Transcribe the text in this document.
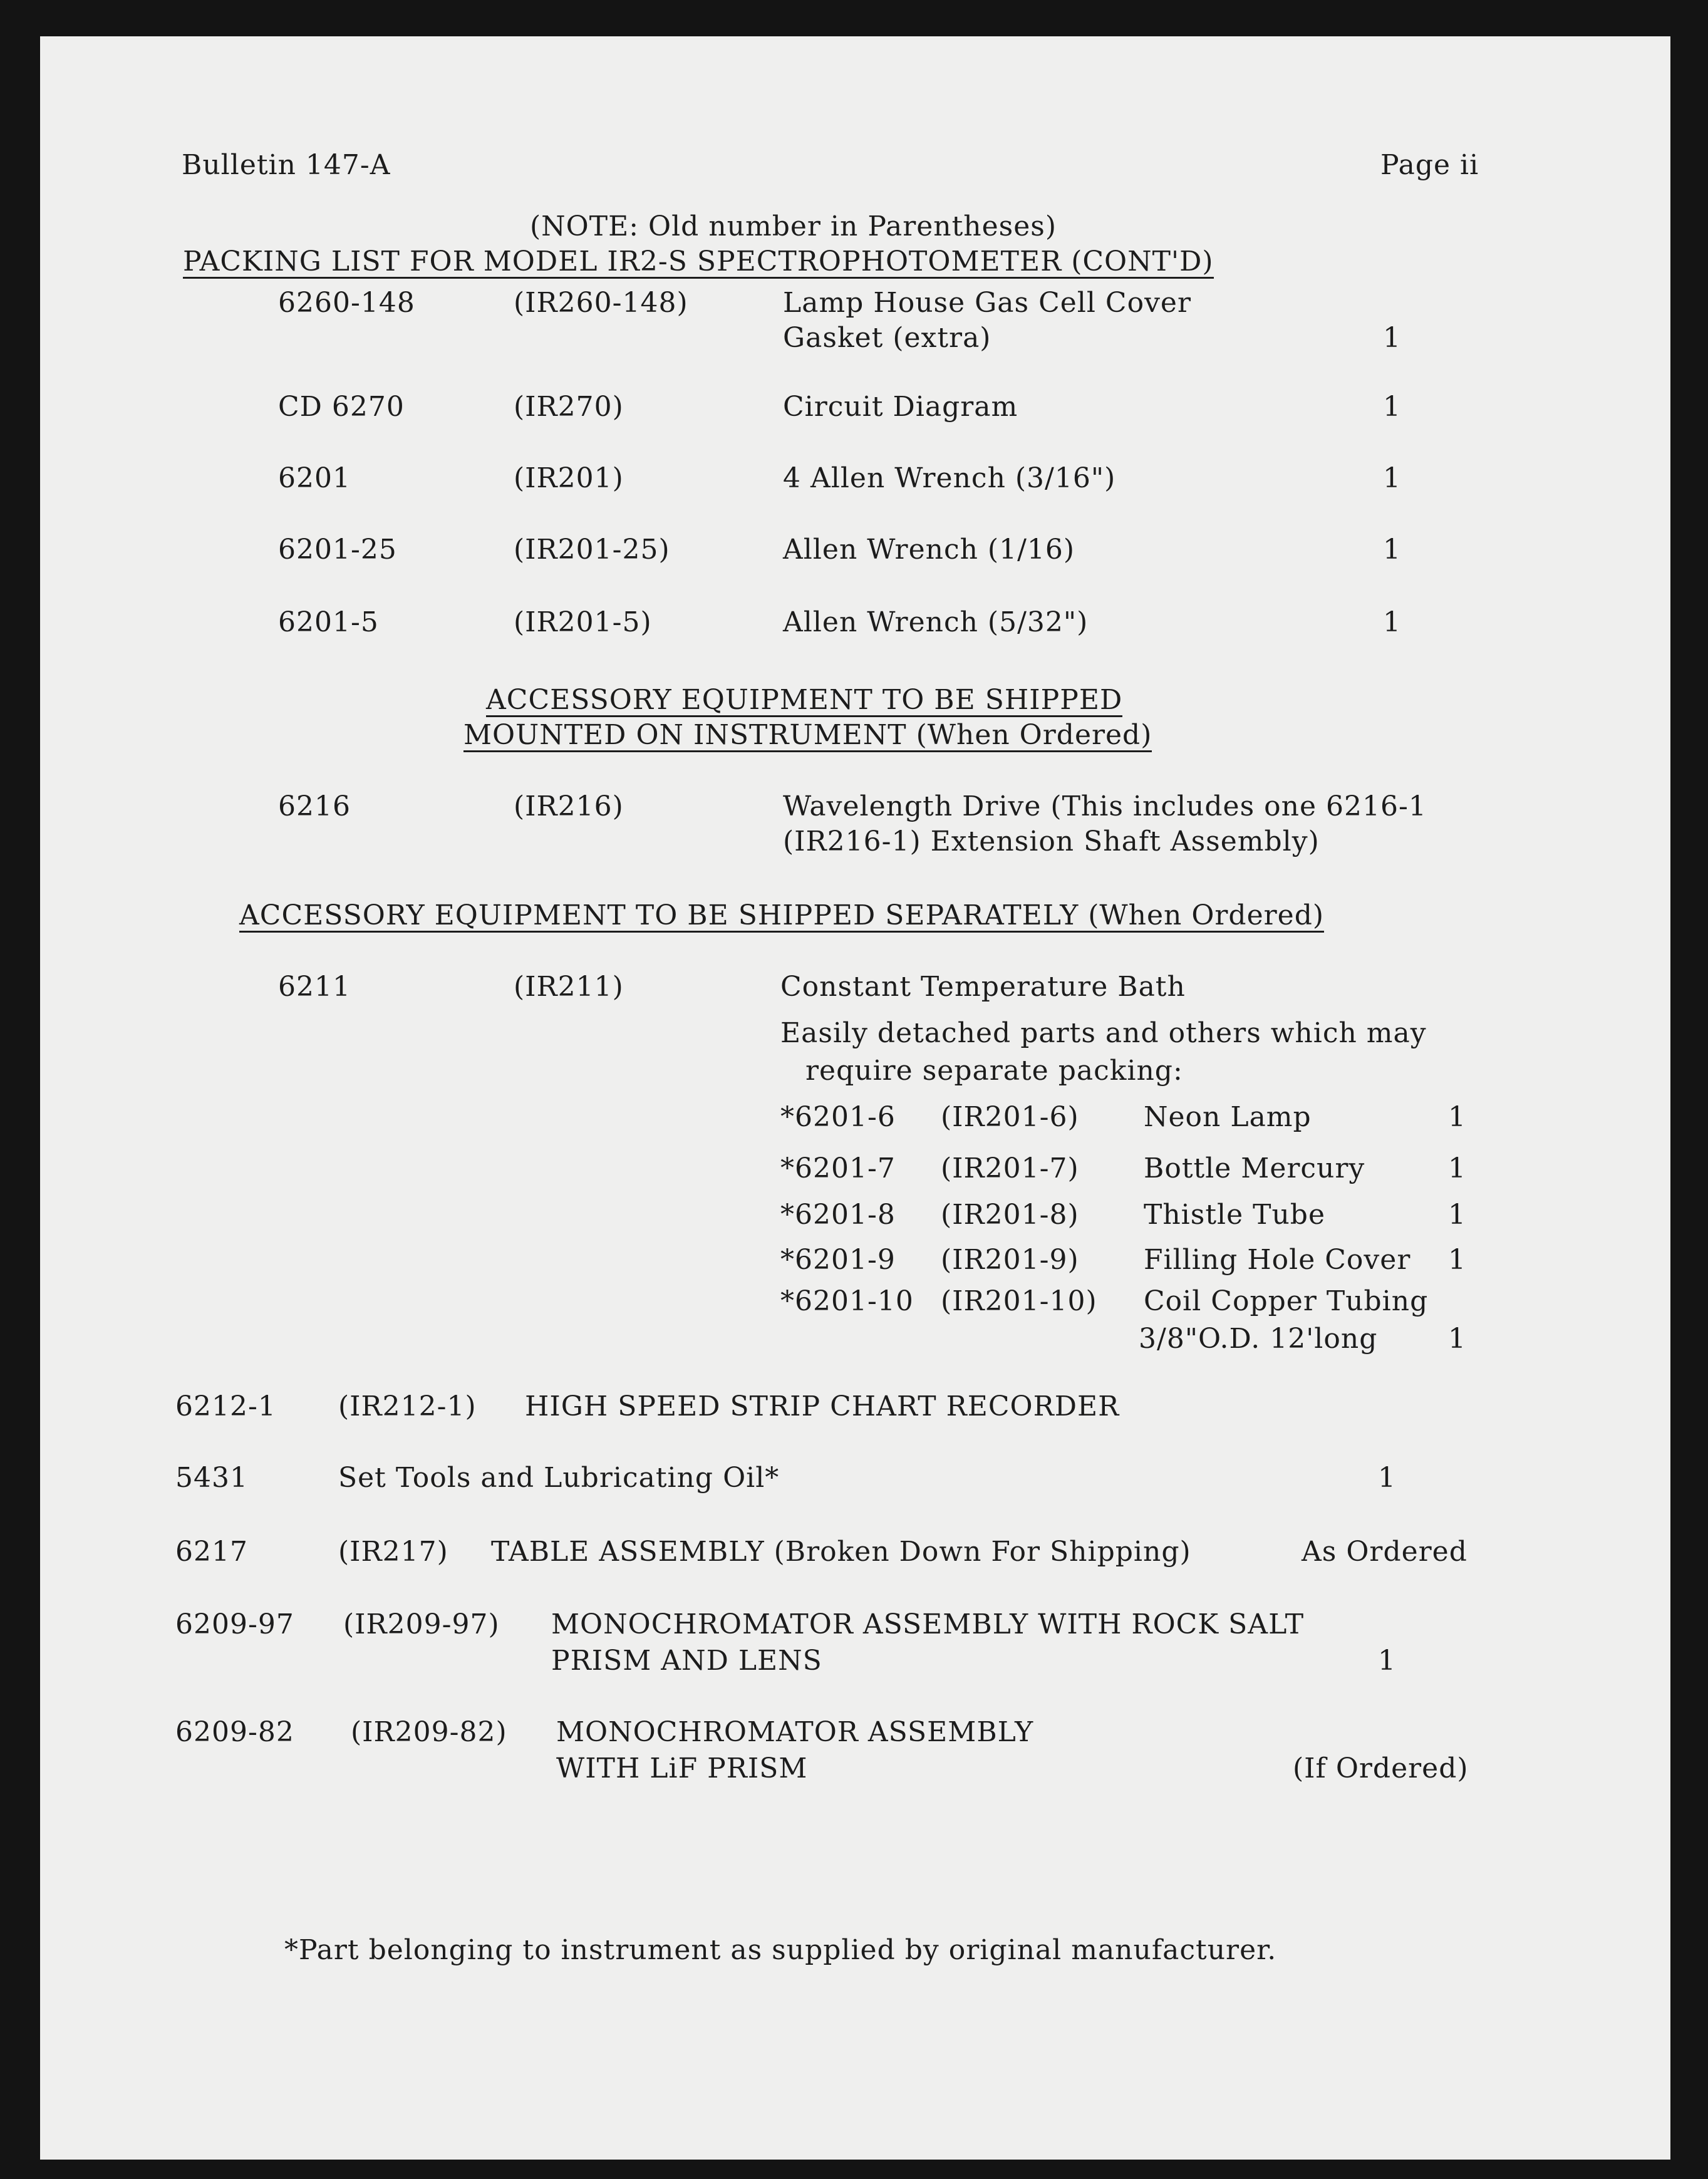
Bulletin 147-A	Page ii
(NOTE: Old number in Parentheses)
PACKING LIST FOR MODEL IR2-S SPECTROPHOTOMETER (CONT'D)
6260-148	(IR260-148)	Lamp House Gas Cell Cover
Gasket (extra)	1
CD 6270	(IR270)	Circuit Diagram	1
6201	(IR201)	4 Allen Wrench (3/16")	1
6201-25	(IR201-25)	Allen Wrench (1/16)	1
6201-5	(IR201-5)	Allen Wrench (5/32")	1
ACCESSORY EQUIPMENT TO BE SHIPPED
MOUNTED ON INSTRUMENT (When Ordered)
6216	(IR216)	Wavelength Drive (This includes one 6216-1
(IR216-1) Extension Shaft Assembly)
ACCESSORY EQUIPMENT TO BE SHIPPED SEPARATELY (When Ordered)
6211	(IR211)	Constant Temperature Bath
Easily detached parts and others which may
require separate packing:
*6201-6 (IR201-6) Neon Lamp	1
*6201-7 (IR201-7) Bottle Mercury	1
*6201-8 (IR201-8) Thistle Tube	1
*6201-9 (IR201-9) Filling Hole Cover 1
*6201-10 (IR201-10) Coil Copper Tubing
3/8"O.D. 12'long	1
6212-1 (IR212-1) HIGH SPEED STRIP CHART RECORDER
5431	Set Tools and Lubricating Oil*	1
6217	(IR217) TABLE ASSEMBLY (Broken Down For Shipping)	As Ordered
6209-97 (IR209-97) MONOCHROMATOR ASSEMBLY WITH ROCK SALT
PRISM AND LENS	1
6209-82 (IR209-82) MONOCHROMATOR ASSEMBLY
WITH LiF PRISM	(If Ordered)
*Part belonging to instrument as supplied by original manufacturer.
